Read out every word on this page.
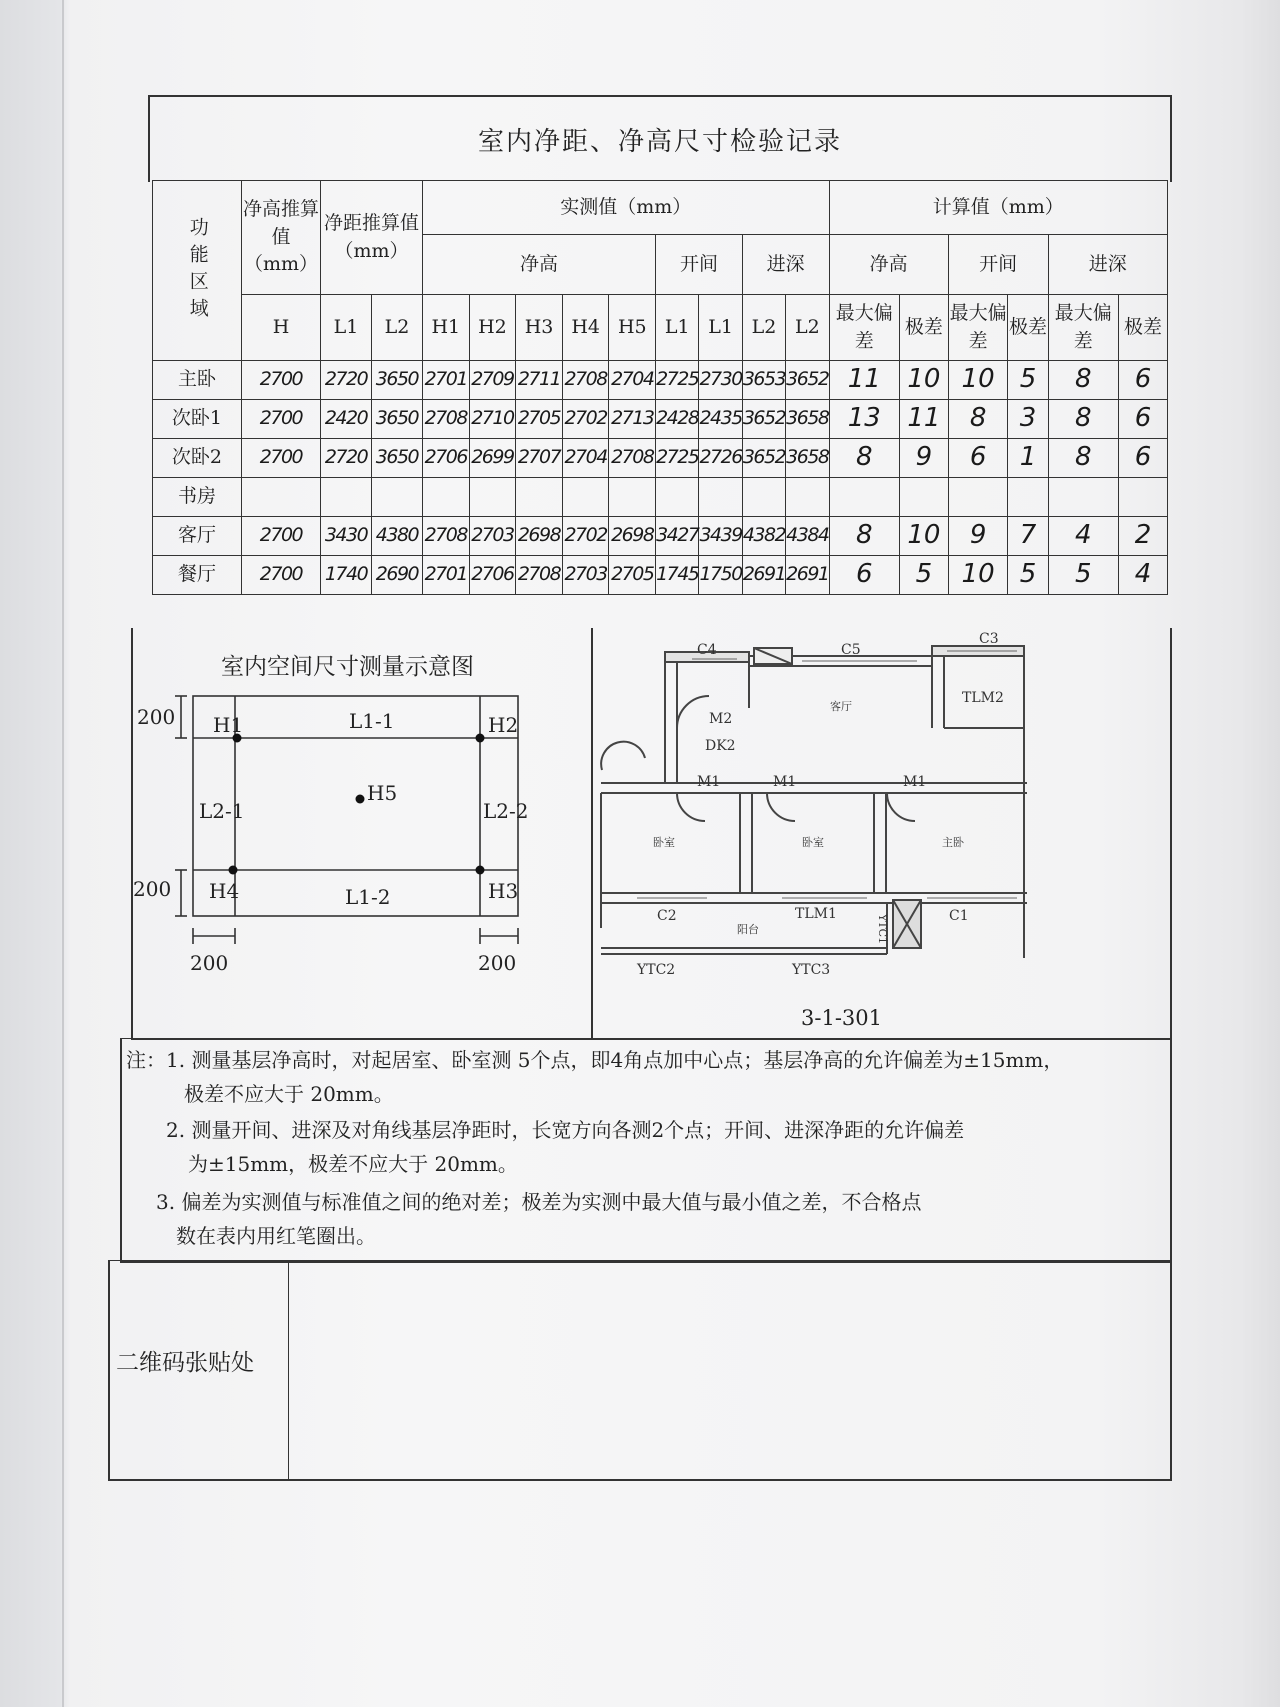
室内净距、净高尺寸检验记录
功能区域	净高推算值（mm）	净距推算值（mm）		实测值（mm）									计算值（mm）					
				净高					开间		进深		净高		开间		进深	
	H	L1	L2	H1	H2	H3	H4	H5	L1	L1	L2	L2	最大偏差	极差	最大偏差	极差	最大偏差	极差
主卧	2700	2720	3650	2701	2709	2711	2708	2704	2725	2730	3653	3652	11	10	10	5	8	6
次卧1	2700	2420	3650	2708	2710	2705	2702	2713	2428	2435	3652	3658	13	11	8	3	8	6
次卧2	2700	2720	3650	2706	2699	2707	2704	2708	2725	2726	3652	3658	8	9	6	1	8	6
书房																		
客厅	2700	3430	4380	2708	2703	2698	2702	2698	3427	3439	4382	4384	8	10	9	7	4	2
餐厅	2700	1740	2690	2701	2706	2708	2703	2705	1745	1750	2691	2691	6	5	10	5	5	4
室内空间尺寸测量示意图
200
200
200	200
H1	H2
H3
H4
H5
L1-1
L1-2
L2-1	L2-2
C4	C5
C3
TLM2
M2
DK2
客厅
M1	M1	M1
卧室	卧室	主卧
C2	TLM1	C1
阳台
YTC2	YTC3
YTC1
3-1-301
注：1. 测量基层净高时，对起居室、卧室测 5个点，即4角点加中心点；基层净高的允许偏差为±15mm，
极差不应大于 20mm。
2. 测量开间、进深及对角线基层净距时，长宽方向各测2个点；开间、进深净距的允许偏差
为±15mm，极差不应大于 20mm。
3. 偏差为实测值与标准值之间的绝对差；极差为实测中最大值与最小值之差，不合格点
数在表内用红笔圈出。
二维码张贴处
